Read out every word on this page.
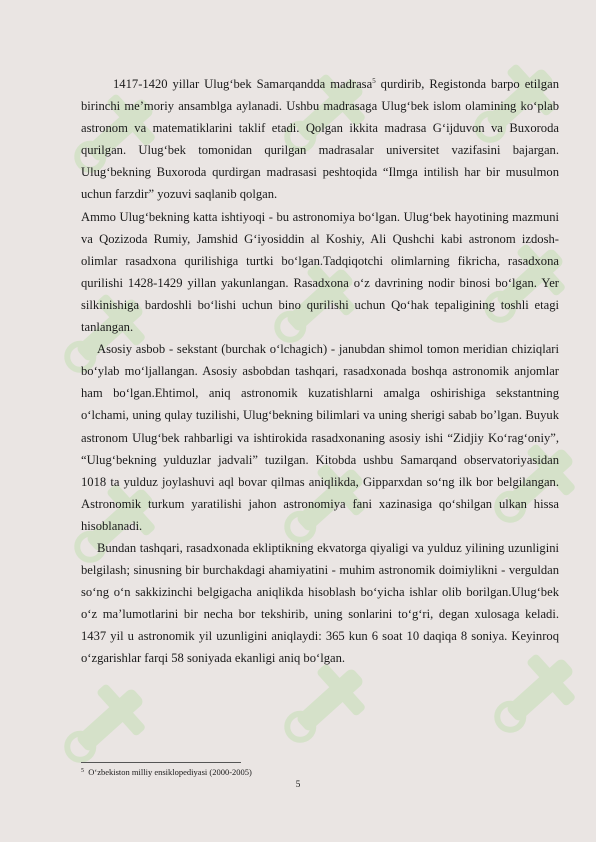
1417-1420 yillar Ulug‘bek Samarqandda madrasa$^5$ qurdirib, Registonda barpo etilgan birinchi me’moriy ansamblga aylanadi. Ushbu madrasaga Ulug‘bek islom olamining ko‘plab astronom va matematiklarini taklif etadi. Qolgan ikkita madrasa G‘ijduvon va Buxoroda qurilgan. Ulug‘bek tomonidan qurilgan madrasalar universitet vazifasini bajargan. Ulug‘bekning Buxoroda qurdirgan madrasasi peshtoqida “Ilmga intilish har bir musulmon uchun farzdir” yozuvi saqlanib qolgan.

Ammo Ulug‘bekning katta ishtiyoqi - bu astronomiya bo‘lgan. Ulug‘bek hayotining mazmuni va Qozizoda Rumiy, Jamshid G‘iyosiddin al Koshiy, Ali Qushchi kabi astronom izdosh-olimlar rasadxona qurilishiga turtki bo‘lgan.Tadqiqotchi olimlarning fikricha, rasadxona qurilishi 1428-1429 yillan yakunlangan. Rasadxona o‘z davrining nodir binosi bo‘lgan. Yer silkinishiga bardoshli bo‘lishi uchun bino qurilishi uchun Qo‘hak tepaligining toshli etagi tanlangan.

Asosiy asbob - sekstant (burchak o‘lchagich) - janubdan shimol tomon meridian chiziqlari bo‘ylab mo‘ljallangan. Asosiy asbobdan tashqari, rasadxonada boshqa astronomik anjomlar ham bo‘lgan.Ehtimol, aniq astronomik kuzatishlarni amalga oshirishiga sekstantning o‘lchami, uning qulay tuzilishi, Ulug‘bekning bilimlari va uning sherigi sabab bo’lgan. Buyuk astronom Ulug‘bek rahbarligi va ishtirokida rasadxonaning asosiy ishi “Zidjiy Ko‘rag‘oniy”, “Ulug‘bekning yulduzlar jadvali” tuzilgan. Kitobda ushbu Samarqand observatoriyasidan 1018 ta yulduz joylashuvi aql bovar qilmas aniqlikda, Gipparxdan so‘ng ilk bor belgilangan. Astronomik turkum yaratilishi jahon astronomiya fani xazinasiga qo‘shilgan ulkan hissa hisoblanadi.

Bundan tashqari, rasadxonada ekliptikning ekvatorga qiyaligi va yulduz yilining uzunligini belgilash; sinusning bir burchakdagi ahamiyatini - muhim astronomik doimiylikni - verguldan so‘ng o‘n sakkizinchi belgigacha aniqlikda hisoblash bo‘yicha ishlar olib borilgan.Ulug‘bek o‘z ma’lumotlarini bir necha bor tekshirib, uning sonlarini to‘g‘ri, degan xulosaga keladi. 1437 yil u astronomik yil uzunligini aniqlaydi: 365 kun 6 soat 10 daqiqa 8 soniya. Keyinroq o‘zgarishlar farqi 58 soniyada ekanligi aniq bo‘lgan.

$^5$ O‘zbekiston milliy ensiklopediyasi (2000-2005)
5
